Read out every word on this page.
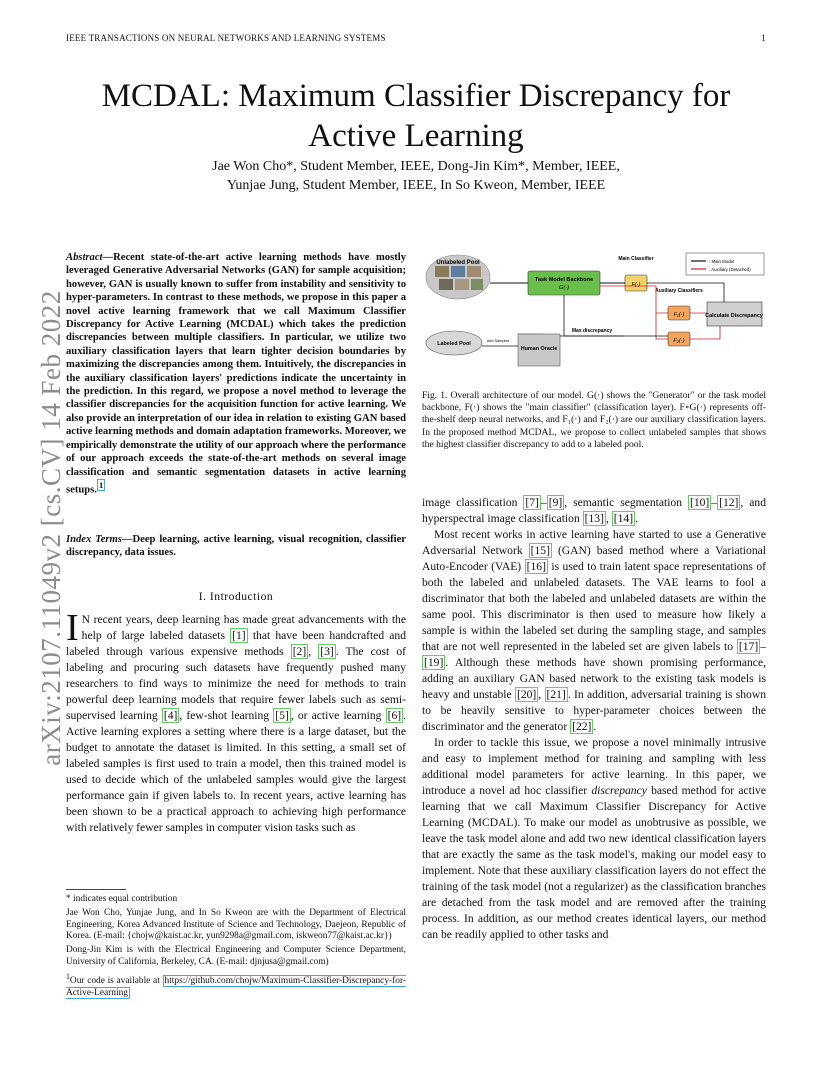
IEEE TRANSACTIONS ON NEURAL NETWORKS AND LEARNING SYSTEMS	1
arXiv:2107.11049v2 [cs.CV] 14 Feb 2022
MCDAL: Maximum Classifier Discrepancy for Active Learning
Jae Won Cho*, Student Member, IEEE, Dong-Jin Kim*, Member, IEEE,
Yunjae Jung, Student Member, IEEE, In So Kweon, Member, IEEE
Abstract—Recent state-of-the-art active learning methods have mostly leveraged Generative Adversarial Networks (GAN) for sample acquisition; however, GAN is usually known to suffer from instability and sensitivity to hyper-parameters. In contrast to these methods, we propose in this paper a novel active learning framework that we call Maximum Classifier Discrepancy for Active Learning (MCDAL) which takes the prediction discrepancies between multiple classifiers. In particular, we utilize two auxiliary classification layers that learn tighter decision boundaries by maximizing the discrepancies among them. Intuitively, the discrepancies in the auxiliary classification layers' predictions indicate the uncertainty in the prediction. In this regard, we propose a novel method to leverage the classifier discrepancies for the acquisition function for active learning. We also provide an interpretation of our idea in relation to existing GAN based active learning methods and domain adaptation frameworks. Moreover, we empirically demonstrate the utility of our approach where the performance of our approach exceeds the state-of-the-art methods on several image classification and semantic segmentation datasets in active learning setups. $^1$
Index Terms—Deep learning, active learning, visual recognition, classifier discrepancy, data issues.
I. Introduction
I N recent years, deep learning has made great advancements with the help of large labeled datasets [1] that have been handcrafted and labeled through various expensive methods [2] , [3] . The cost of labeling and procuring such datasets have frequently pushed many researchers to find ways to minimize the need for methods to train powerful deep learning models that require fewer labels such as semi-supervised learning [4] , few-shot learning [5] , or active learning [6] . Active learning explores a setting where there is a large dataset, but the budget to annotate the dataset is limited. In this setting, a small set of labeled samples is first used to train a model, then this trained model is used to decide which of the unlabeled samples would give the largest performance gain if given labels to. In recent years, active learning has been shown to be a practical approach to achieving high performance with relatively fewer samples in computer vision tasks such as

* indicates equal contribution

Jae Won Cho, Yunjae Jung, and In So Kweon are with the Department of Electrical Engineering, Korea Advanced Institute of Science and Technology, Daejeon, Republic of Korea. (E-mail: {chojw@kaist.ac.kr, yun9298a@gmail.com, iskweon77@kaist.ac.kr})

Dong-Jin Kim is with the Electrical Engineering and Computer Science Department, University of California, Berkeley, CA. (E-mail: djnjusa@gmail.com)

$^1$Our code is available at https://github.com/chojw/Maximum-Classifier-Discrepancy-for-Active-Learning

Unlabeled Pool
Task Model Backbone
G(·)
Main Classifier
F(·)
Auxiliary Classifiers
F₁(·)
F₂(·)
Calculate Discrepancy
: Main Model
: Auxiliary (Detached)
Labeled Pool
Human Oracle
Add Samples
Max discrepancy
Fig. 1. Overall architecture of our model. G(·) shows the "Generator" or the task model backbone, F(·) shows the "main classifier" (classification layer). F∘G(·) represents off-the-shelf deep neural networks, and F₁(·) and F₂(·) are our auxiliary classification layers. In the proposed method MCDAL, we propose to collect unlabeled samples that shows the highest classifier discrepancy to add to a labeled pool.

image classification [7] – [9] , semantic segmentation [10] – [12] , and hyperspectral image classification [13] , [14] .

Most recent works in active learning have started to use a Generative Adversarial Network [15] (GAN) based method where a Variational Auto-Encoder (VAE) [16] is used to train latent space representations of both the labeled and unlabeled datasets. The VAE learns to fool a discriminator that both the labeled and unlabeled datasets are within the same pool. This discriminator is then used to measure how likely a sample is within the labeled set during the sampling stage, and samples that are not well represented in the labeled set are given labels to [17] –[19] . Although these methods have shown promising performance, adding an auxiliary GAN based network to the existing task models is heavy and unstable [20] , [21] . In addition, adversarial training is shown to be heavily sensitive to hyper-parameter choices between the discriminator and the generator [22] .

In order to tackle this issue, we propose a novel minimally intrusive and easy to implement method for training and sampling with less additional model parameters for active learning. In this paper, we introduce a novel ad hoc classifier discrepancy based method for active learning that we call Maximum Classifier Discrepancy for Active Learning (MCDAL). To make our model as unobtrusive as possible, we leave the task model alone and add two new identical classification layers that are exactly the same as the task model's, making our model easy to implement. Note that these auxiliary classification layers do not effect the training of the task model (not a regularizer) as the classification branches are detached from the task model and are removed after the training process. In addition, as our method creates identical layers, our method can be readily applied to other tasks and
